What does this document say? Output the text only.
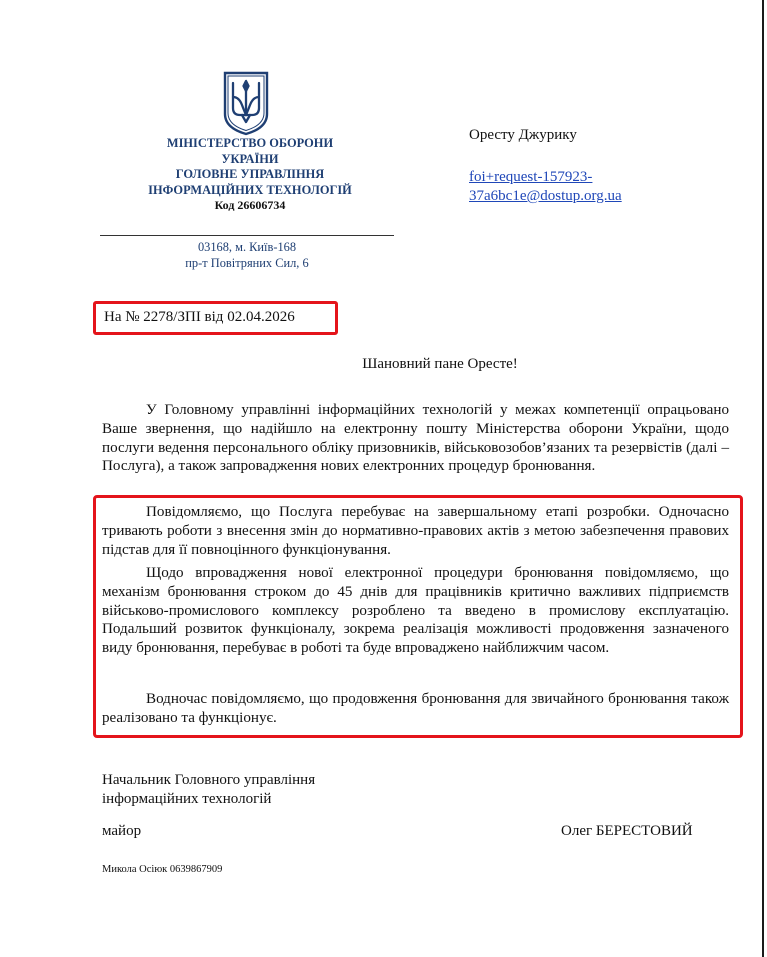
МІНІСТЕРСТВО ОБОРОНИ
УКРАЇНИ
ГОЛОВНЕ УПРАВЛІННЯ
ІНФОРМАЦІЙНИХ ТЕХНОЛОГІЙ
Код 26606734
03168, м. Київ-168
пр-т Повітряних Сил, 6
Оресту Джурику
foi+request-157923-
37a6bc1e@dostup.org.ua
На № 2278/ЗПІ від 02.04.2026
Шановний пане Оресте!
У Головному управлінні інформаційних технологій у межах компетенції опрацьовано Ваше звернення, що надійшло на електронну пошту Міністерства оборони України, щодо послуги ведення персонального обліку призовників, військовозобов’язаних та резервістів (далі – Послуга), а також запровадження нових електронних процедур бронювання.
Повідомляємо, що Послуга перебуває на завершальному етапі розробки. Одночасно тривають роботи з внесення змін до нормативно-правових актів з метою забезпечення правових підстав для її повноцінного функціонування.
Щодо впровадження нової електронної процедури бронювання повідомляємо, що механізм бронювання строком до 45 днів для працівників критично важливих підприємств військово-промислового комплексу розроблено та введено в промислову експлуатацію. Подальший розвиток функціоналу, зокрема реалізація можливості продовження зазначеного виду бронювання, перебуває в роботі та буде впроваджено найближчим часом.
Водночас повідомляємо, що продовження бронювання для звичайного бронювання також реалізовано та функціонує.
Начальник Головного управління
інформаційних технологій
майор	Олег БЕРЕСТОВИЙ
Микола Осіюк 0639867909
